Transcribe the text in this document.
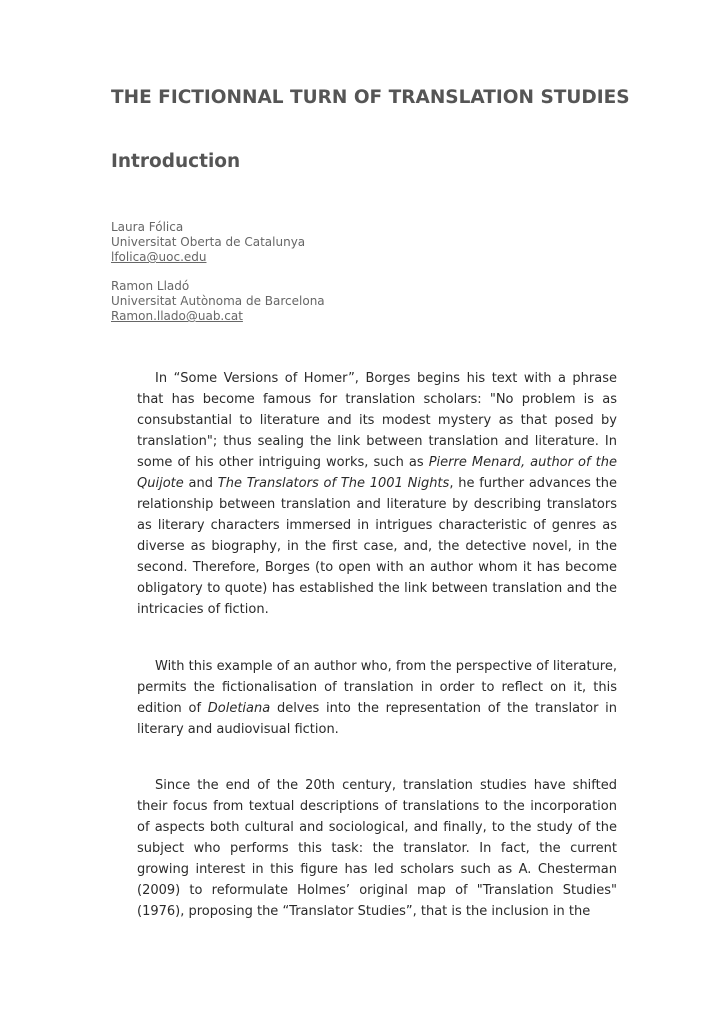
THE FICTIONNAL TURN OF TRANSLATION STUDIES
Introduction
Laura Fólica
Universitat Oberta de Catalunya
lfolica@uoc.edu
Ramon Lladó
Universitat Autònoma de Barcelona
Ramon.llado@uab.cat

In “Some Versions of Homer”, Borges begins his text with a phrase that has become famous for translation scholars: "No problem is as consubstantial to literature and its modest mystery as that posed by translation"; thus sealing the link between translation and literature. In some of his other intriguing works, such as Pierre Menard, author of the Quijote and The Translators of The 1001 Nights, he further advances the relationship between translation and literature by describing translators as literary characters immersed in intrigues characteristic of genres as diverse as biography, in the first case, and, the detective novel, in the second. Therefore, Borges (to open with an author whom it has become obligatory to quote) has established the link between translation and the intricacies of fiction.

With this example of an author who, from the perspective of literature, permits the fictionalisation of translation in order to reflect on it, this edition of Doletiana delves into the representation of the translator in literary and audiovisual fiction.

Since the end of the 20th century, translation studies have shifted their focus from textual descriptions of translations to the incorporation of aspects both cultural and sociological, and finally, to the study of the subject who performs this task: the translator. In fact, the current growing interest in this figure has led scholars such as A. Chesterman (2009) to reformulate Holmes’ original map of "Translation Studies" (1976), proposing the “Translator Studies”, that is the inclusion in the
